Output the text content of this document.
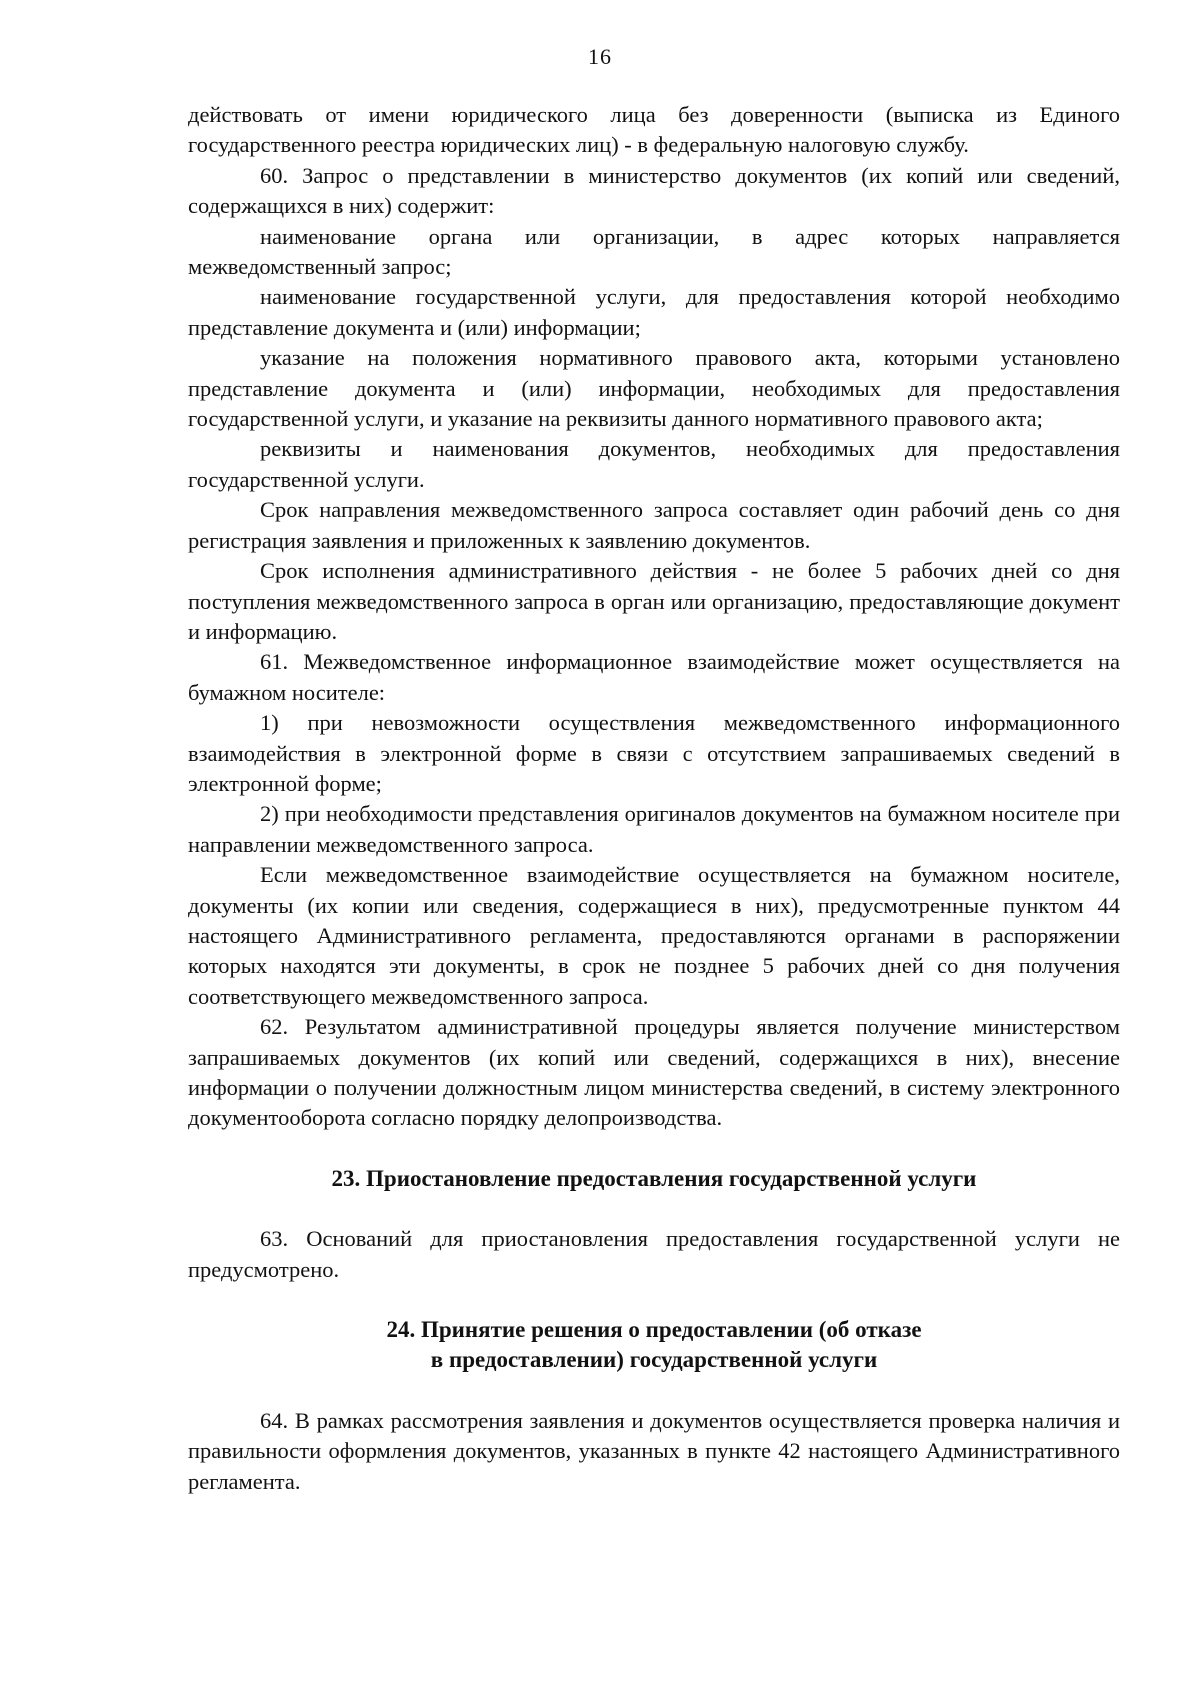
16

действовать от имени юридического лица без доверенности (выписка из Единого государственного реестра юридических лиц) - в федеральную налоговую службу.

60. Запрос о представлении в министерство документов (их копий или сведений, содержащихся в них) содержит:

наименование органа или организации, в адрес которых направляется межведомственный запрос;

наименование государственной услуги, для предоставления которой необходимо представление документа и (или) информации;

указание на положения нормативного правового акта, которыми установлено представление документа и (или) информации, необходимых для предоставления государственной услуги, и указание на реквизиты данного нормативного правового акта;

реквизиты и наименования документов, необходимых для предоставления государственной услуги.

Срок направления межведомственного запроса составляет один рабочий день со дня регистрация заявления и приложенных к заявлению документов.

Срок исполнения административного действия - не более 5 рабочих дней со дня поступления межведомственного запроса в орган или организацию, предоставляющие документ и информацию.

61. Межведомственное информационное взаимодействие может осуществляется на бумажном носителе:

1) при невозможности осуществления межведомственного информационного взаимодействия в электронной форме в связи с отсутствием запрашиваемых сведений в электронной форме;

2) при необходимости представления оригиналов документов на бумажном носителе при направлении межведомственного запроса.

Если межведомственное взаимодействие осуществляется на бумажном носителе, документы (их копии или сведения, содержащиеся в них), предусмотренные пунктом 44 настоящего Административного регламента, предоставляются органами в распоряжении которых находятся эти документы, в срок не позднее 5 рабочих дней со дня получения соответствующего межведомственного запроса.

62. Результатом административной процедуры является получение министерством запрашиваемых документов (их копий или сведений, содержащихся в них), внесение информации о получении должностным лицом министерства сведений, в систему электронного документооборота согласно порядку делопроизводства.

23. Приостановление предоставления государственной услуги

63. Оснований для приостановления предоставления государственной услуги не предусмотрено.

24. Принятие решения о предоставлении (об отказе
в предоставлении) государственной услуги

64. В рамках рассмотрения заявления и документов осуществляется проверка наличия и правильности оформления документов, указанных в пункте 42 настоящего Административного регламента.
